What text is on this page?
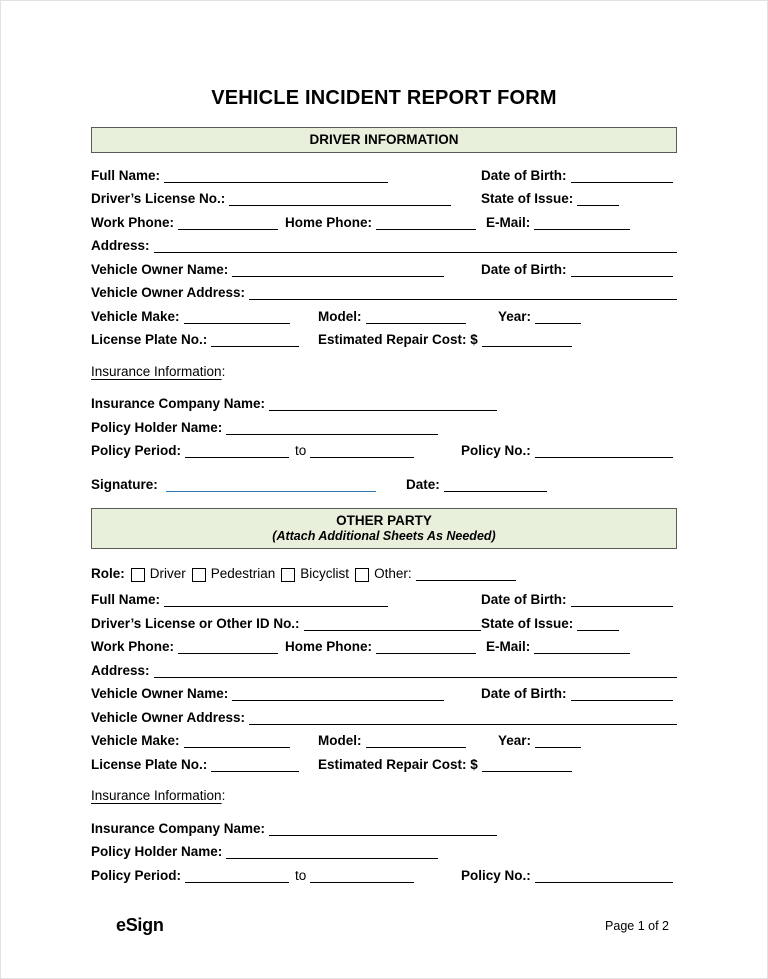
VEHICLE INCIDENT REPORT FORM
DRIVER INFORMATION
Full Name:	Date of Birth:
Driver’s License No.:	State of Issue:
Work Phone:	Home Phone:	E-Mail:
Address:
Vehicle Owner Name:	Date of Birth:
Vehicle Owner Address:
Vehicle Make:	Model:	Year:
License Plate No.:	Estimated Repair Cost: $
Insurance Information :
Insurance Company Name:
Policy Holder Name:
Policy Period:	to	Policy No.:
Signature:	Date:
OTHER PARTY
(Attach Additional Sheets As Needed)
Role: Driver Pedestrian Bicyclist Other:
Full Name:	Date of Birth:
Driver’s License or Other ID No.:	State of Issue:
Work Phone:	Home Phone:	E-Mail:
Address:
Vehicle Owner Name:	Date of Birth:
Vehicle Owner Address:
Vehicle Make:	Model:	Year:
License Plate No.:	Estimated Repair Cost: $
Insurance Information :
Insurance Company Name:
Policy Holder Name:
Policy Period:	to	Policy No.:
eSign	Page 1 of 2
